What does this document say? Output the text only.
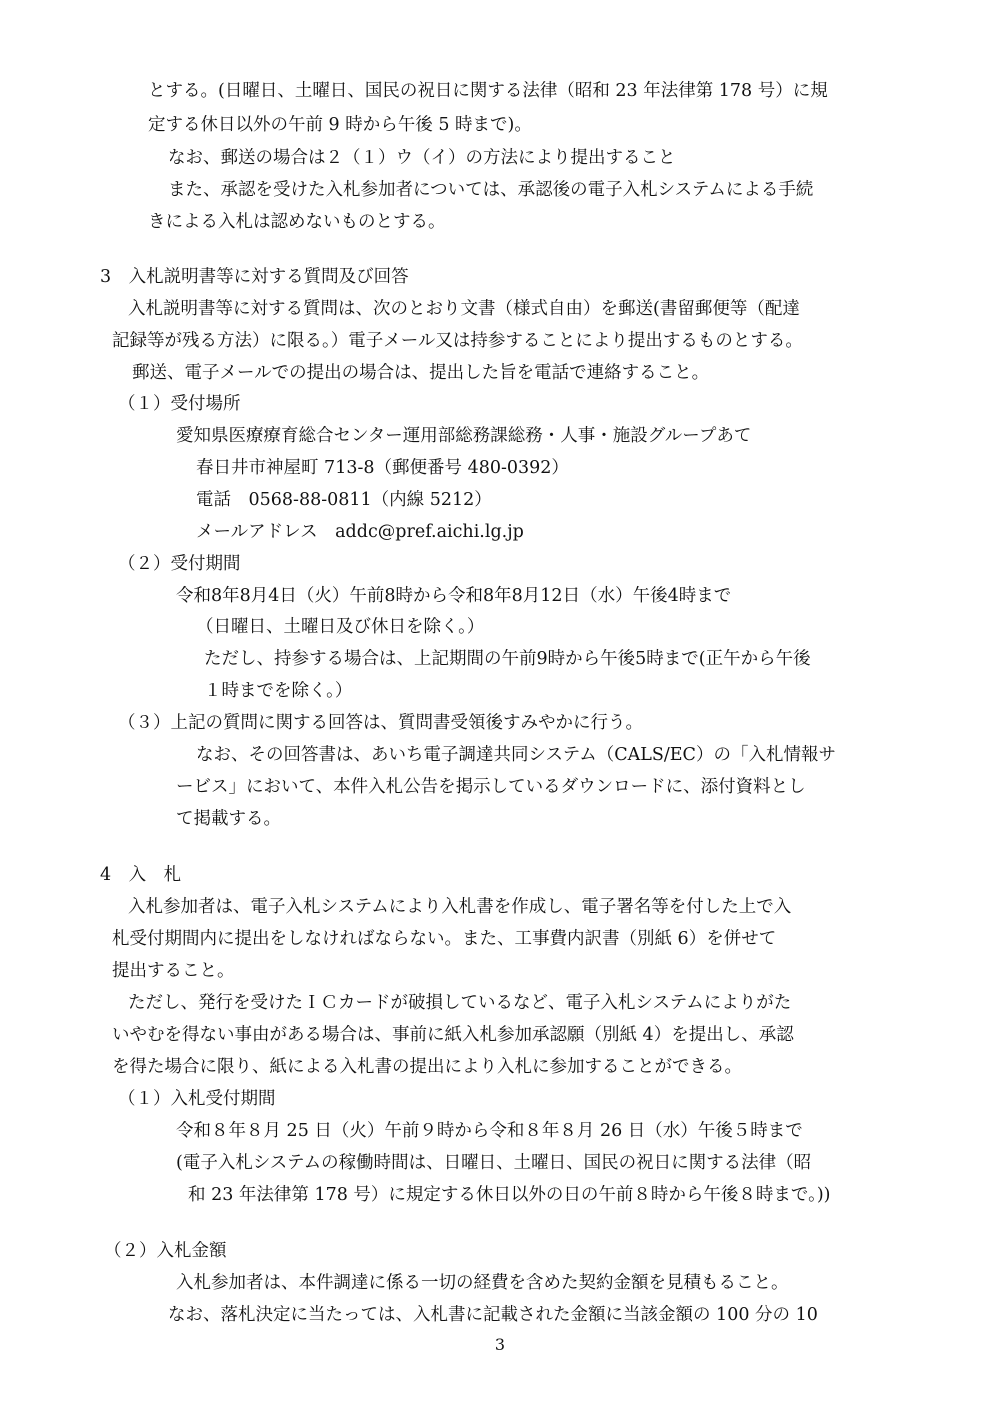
とする。(日曜日、土曜日、国民の祝日に関する法律（昭和 23 年法律第 178 号）に規
定する休日以外の午前 9 時から午後 5 時まで)。
なお、郵送の場合は２（１）ウ（イ）の方法により提出すること
また、承認を受けた入札参加者については、承認後の電子入札システムによる手続
きによる入札は認めないものとする。
3　入札説明書等に対する質問及び回答
入札説明書等に対する質問は、次のとおり文書（様式自由）を郵送(書留郵便等（配達
記録等が残る方法）に限る。）電子メール又は持参することにより提出するものとする。
郵送、電子メールでの提出の場合は、提出した旨を電話で連絡すること。
（１）受付場所
愛知県医療療育総合センター運用部総務課総務・人事・施設グループあて
春日井市神屋町 713-8（郵便番号 480-0392）
電話　0568-88-0811（内線 5212）
メールアドレス　addc@pref.aichi.lg.jp
（２）受付期間
令和8年8月4日（火）午前8時から令和8年8月12日（水）午後4時まで
（日曜日、土曜日及び休日を除く。）
ただし、持参する場合は、上記期間の午前9時から午後5時まで(正午から午後
１時までを除く。）
（３）上記の質問に関する回答は、質問書受領後すみやかに行う。
なお、その回答書は、あいち電子調達共同システム（CALS/EC）の「入札情報サ
ービス」において、本件入札公告を掲示しているダウンロードに、添付資料とし
て掲載する。
4　入　札
入札参加者は、電子入札システムにより入札書を作成し、電子署名等を付した上で入
札受付期間内に提出をしなければならない。また、工事費内訳書（別紙 6）を併せて
提出すること。
ただし、発行を受けたＩＣカードが破損しているなど、電子入札システムによりがた
いやむを得ない事由がある場合は、事前に紙入札参加承認願（別紙 4）を提出し、承認
を得た場合に限り、紙による入札書の提出により入札に参加することができる。
（１）入札受付期間
令和８年８月 25 日（火）午前９時から令和８年８月 26 日（水）午後５時まで
(電子入札システムの稼働時間は、日曜日、土曜日、国民の祝日に関する法律（昭
和 23 年法律第 178 号）に規定する休日以外の日の午前８時から午後８時まで。))
（２）入札金額
入札参加者は、本件調達に係る一切の経費を含めた契約金額を見積もること。
なお、落札決定に当たっては、入札書に記載された金額に当該金額の 100 分の 10
3
